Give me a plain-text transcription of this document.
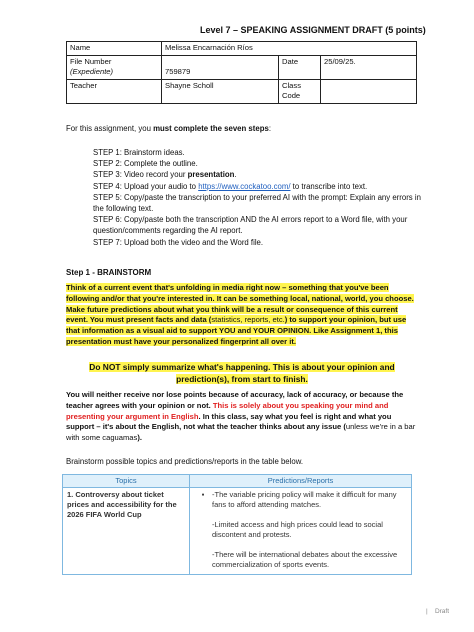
Level 7 – SPEAKING ASSIGNMENT DRAFT (5 points)
Name	Melissa Encarnación Ríos		

File Number
(Expediente)	759879	Date	25/09/25.
Teacher	Shayne Scholl	Class Code	
For this assignment, you must complete the seven steps:
STEP 1: Brainstorm ideas.
STEP 2: Complete the outline.
STEP 3: Video record your presentation.
STEP 4: Upload your audio to https://www.cockatoo.com/ to transcribe into text.
STEP 5: Copy/paste the transcription to your preferred AI with the prompt: Explain any errors in the following text.
STEP 6: Copy/paste both the transcription AND the AI errors report to a Word file, with your question/comments regarding the AI report.
STEP 7: Upload both the video and the Word file.
Step 1 - BRAINSTORM
Think of a current event that's unfolding in media right now – something that you've been following and/or that you're interested in. It can be something local, national, world, you choose. Make future predictions about what you think will be a result or consequence of this current event. You must present facts and data (statistics, reports, etc.) to support your opinion, but use that information as a visual aid to support YOU and YOUR OPINION. Like Assignment 1, this presentation must have your personalized fingerprint all over it.
Do NOT simply summarize what's happening. This is about your opinion and prediction(s), from start to finish.
You will neither receive nor lose points because of accuracy, lack of accuracy, or because the teacher agrees with your opinion or not. This is solely about you speaking your mind and presenting your argument in English. In this class, say what you feel is right and what you support – it's about the English, not what the teacher thinks about any issue (unless we're in a bar with some caguamas).
Brainstorm possible topics and predictions/reports in the table below.
Topics	Predictions/Reports
1. Controversy about ticket prices and accessibility for the 2026 FIFA World Cup	▪ -The variable pricing policy will make it difficult for many fans to afford attending matches.
-Limited access and high prices could lead to social discontent and protests.
-There will be international debates about the excessive commercialization of sports events.
| Draft
